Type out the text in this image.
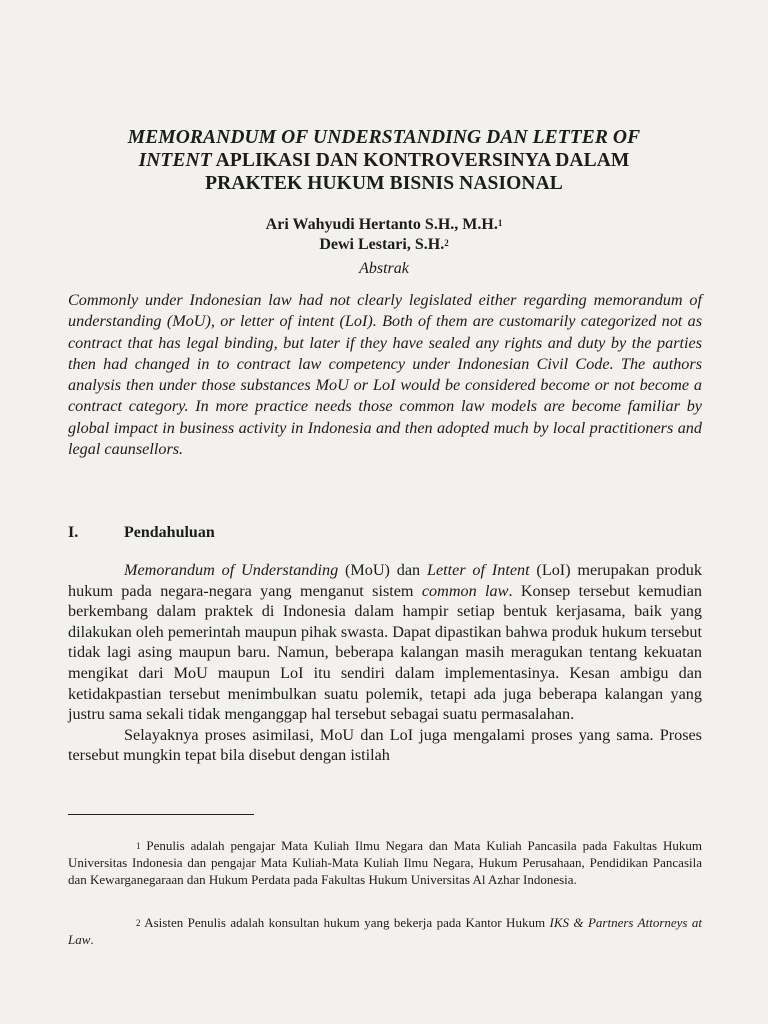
MEMORANDUM OF UNDERSTANDING DAN LETTER OF
INTENT APLIKASI DAN KONTROVERSINYA DALAM
PRAKTEK HUKUM BISNIS NASIONAL
Ari Wahyudi Hertanto S.H., M.H.$^1$
Dewi Lestari, S.H.$^2$
Abstrak
Commonly under Indonesian law had not clearly legislated either regarding memorandum of understanding (MoU), or letter of intent (LoI). Both of them are customarily categorized not as contract that has legal binding, but later if they have sealed any rights and duty by the parties then had changed in to contract law competency under Indonesian Civil Code. The authors analysis then under those substances MoU or LoI would be considered become or not become a contract category. In more practice needs those common law models are become familiar by global impact in business activity in Indonesia and then adopted much by local practitioners and legal caunsellors.
I.	Pendahuluan

Memorandum of Understanding (MoU) dan Letter of Intent (LoI) merupakan produk hukum pada negara-negara yang menganut sistem common law. Konsep tersebut kemudian berkembang dalam praktek di Indonesia dalam hampir setiap bentuk kerjasama, baik yang dilakukan oleh pemerintah maupun pihak swasta. Dapat dipastikan bahwa produk hukum tersebut tidak lagi asing maupun baru. Namun, beberapa kalangan masih meragukan tentang kekuatan mengikat dari MoU maupun LoI itu sendiri dalam implementasinya. Kesan ambigu dan ketidakpastian tersebut menimbulkan suatu polemik, tetapi ada juga beberapa kalangan yang justru sama sekali tidak menganggap hal tersebut sebagai suatu permasalahan.

Selayaknya proses asimilasi, MoU dan LoI juga mengalami proses yang sama. Proses tersebut mungkin tepat bila disebut dengan istilah

$^1$ Penulis adalah pengajar Mata Kuliah Ilmu Negara dan Mata Kuliah Pancasila pada Fakultas Hukum Universitas Indonesia dan pengajar Mata Kuliah-Mata Kuliah Ilmu Negara, Hukum Perusahaan, Pendidikan Pancasila dan Kewarganegaraan dan Hukum Perdata pada Fakultas Hukum Universitas Al Azhar Indonesia.

$^2$ Asisten Penulis adalah konsultan hukum yang bekerja pada Kantor Hukum IKS & Partners Attorneys at Law.
